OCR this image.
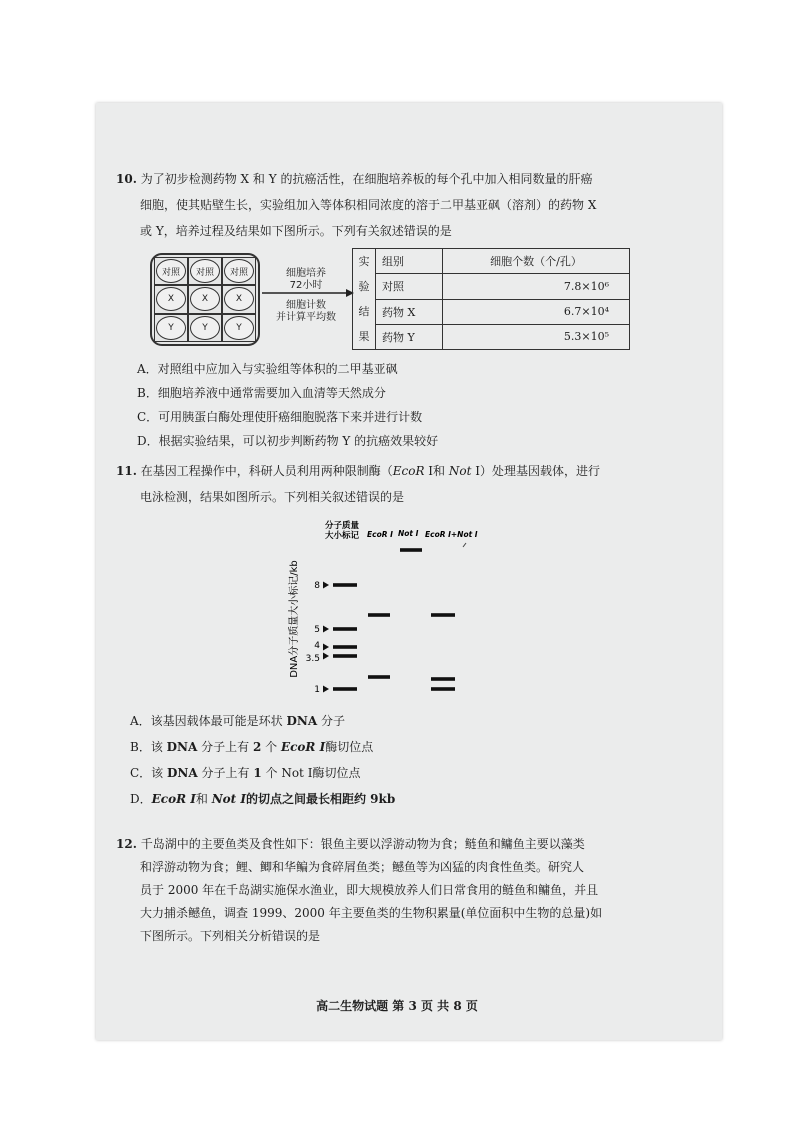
10. 为了初步检测药物 X 和 Y 的抗癌活性，在细胞培养板的每个孔中加入相同数量的肝癌

细胞，使其贴壁生长，实验组加入等体积相同浓度的溶于二甲基亚砜（溶剂）的药物 X

或 Y，培养过程及结果如下图所示。下列有关叙述错误的是

对照	对照	对照
X	X	X
Y	Y	Y
细胞培养
72小时
细胞计数
并计算平均数
实
验
结
果	组别	细胞个数（个/孔）
	对照	7.8×10⁶
	药物 X	6.7×10⁴
	药物 Y	5.3×10⁵

A．对照组中应加入与实验组等体积的二甲基亚砜

B．细胞培养液中通常需要加入血清等天然成分

C．可用胰蛋白酶处理使肝癌细胞脱落下来并进行计数

D．根据实验结果，可以初步判断药物 Y 的抗癌效果较好

11. 在基因工程操作中，科研人员利用两种限制酶（EcoR I和 Not I）处理基因载体，进行

电泳检测，结果如图所示。下列相关叙述错误的是

分子质量
大小标记 EcoR I Not I EcoR I+Not I
DNA分子质量大小标记/kb 8
5
4
3.5
1

A．该基因载体最可能是环状 DNA 分子

B．该 DNA 分子上有 2 个 EcoR I酶切位点

C．该 DNA 分子上有 1 个 Not I酶切位点

D．EcoR I和 Not I的切点之间最长相距约 9kb

12. 千岛湖中的主要鱼类及食性如下：银鱼主要以浮游动物为食；鲢鱼和鳙鱼主要以藻类

和浮游动物为食；鲤、鲫和华鳊为食碎屑鱼类；鳡鱼等为凶猛的肉食性鱼类。研究人

员于 2000 年在千岛湖实施保水渔业，即大规模放养人们日常食用的鲢鱼和鳙鱼，并且

大力捕杀鳡鱼，调查 1999、2000 年主要鱼类的生物积累量(单位面积中生物的总量)如

下图所示。下列相关分析错误的是

高二生物试题 第 3 页 共 8 页
